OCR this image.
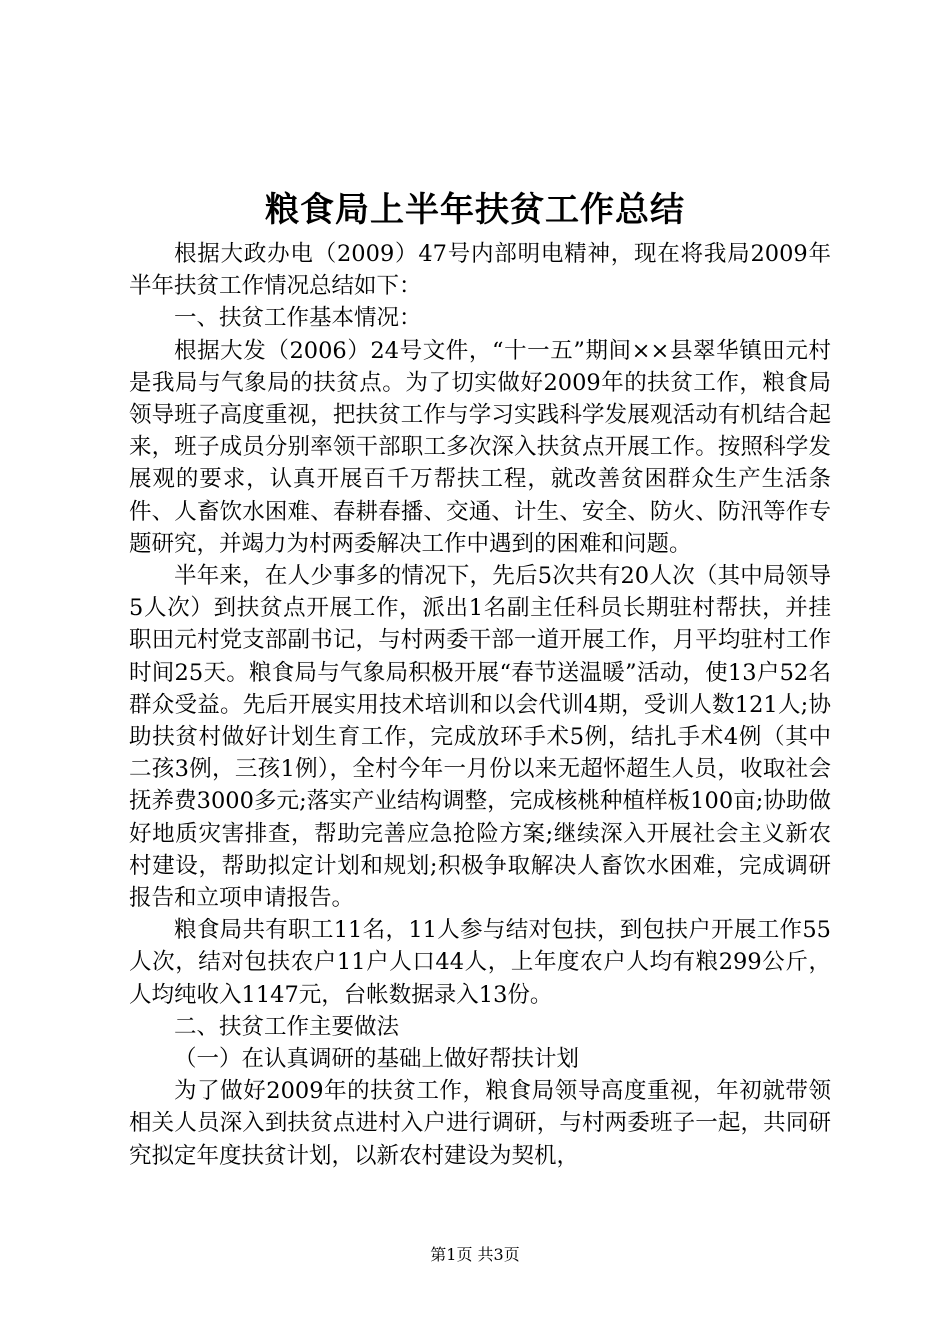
粮食局上半年扶贫工作总结

根据大政办电（2009）47号内部明电精神，现在将我局2009年半年扶贫工作情况总结如下：

一、扶贫工作基本情况：

根据大发（2006）24号文件，“十一五”期间××县翠华镇田元村是我局与气象局的扶贫点。为了切实做好2009年的扶贫工作，粮食局领导班子高度重视，把扶贫工作与学习实践科学发展观活动有机结合起来，班子成员分别率领干部职工多次深入扶贫点开展工作。按照科学发展观的要求，认真开展百千万帮扶工程，就改善贫困群众生产生活条件、人畜饮水困难、春耕春播、交通、计生、安全、防火、防汛等作专题研究，并竭力为村两委解决工作中遇到的困难和问题。

半年来，在人少事多的情况下，先后5次共有20人次（其中局领导5人次）到扶贫点开展工作，派出1名副主任科员长期驻村帮扶，并挂职田元村党支部副书记，与村两委干部一道开展工作，月平均驻村工作时间25天。粮食局与气象局积极开展“春节送温暖”活动，使13户52名群众受益。先后开展实用技术培训和以会代训4期，受训人数121人;协助扶贫村做好计划生育工作，完成放环手术5例，结扎手术4例（其中二孩3例，三孩1例），全村今年一月份以来无超怀超生人员，收取社会抚养费3000多元;落实产业结构调整，完成核桃种植样板100亩;协助做好地质灾害排查，帮助完善应急抢险方案;继续深入开展社会主义新农村建设，帮助拟定计划和规划;积极争取解决人畜饮水困难，完成调研报告和立项申请报告。

粮食局共有职工11名，11人参与结对包扶，到包扶户开展工作55人次，结对包扶农户11户人口44人，上年度农户人均有粮299公斤，人均纯收入1147元，台帐数据录入13份。

二、扶贫工作主要做法

（一）在认真调研的基础上做好帮扶计划

为了做好2009年的扶贫工作，粮食局领导高度重视，年初就带领相关人员深入到扶贫点进村入户进行调研，与村两委班子一起，共同研究拟定年度扶贫计划，以新农村建设为契机，

第1页 共3页
